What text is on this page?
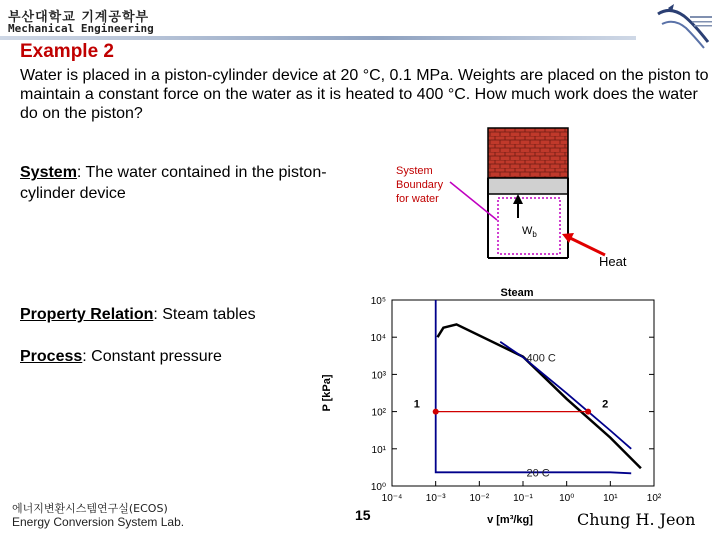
부산대학교 기계공학부
Mechanical Engineering
Example 2
Water is placed in a piston-cylinder device at 20 °C, 0.1 MPa. Weights are placed on the piston to maintain a constant force on the water as it is heated to 400 °C. How much work does the water do on the piston?
System: The water contained in the piston-cylinder device
System
Boundary
for water
$W_b$
Heat
Property Relation: Steam tables
Process: Constant pressure
10⁰
10¹
10²
10³
10⁴
10⁵
10⁻⁴ 10⁻³ 10⁻² 10⁻¹	10⁰	10¹	10²
P [kPa]
v [m³/kg]
Steam
400 C
20 C
1	2
에너지변환시스템연구실(ECOS)
Energy Conversion System Lab.	15	Chung H. Jeon
